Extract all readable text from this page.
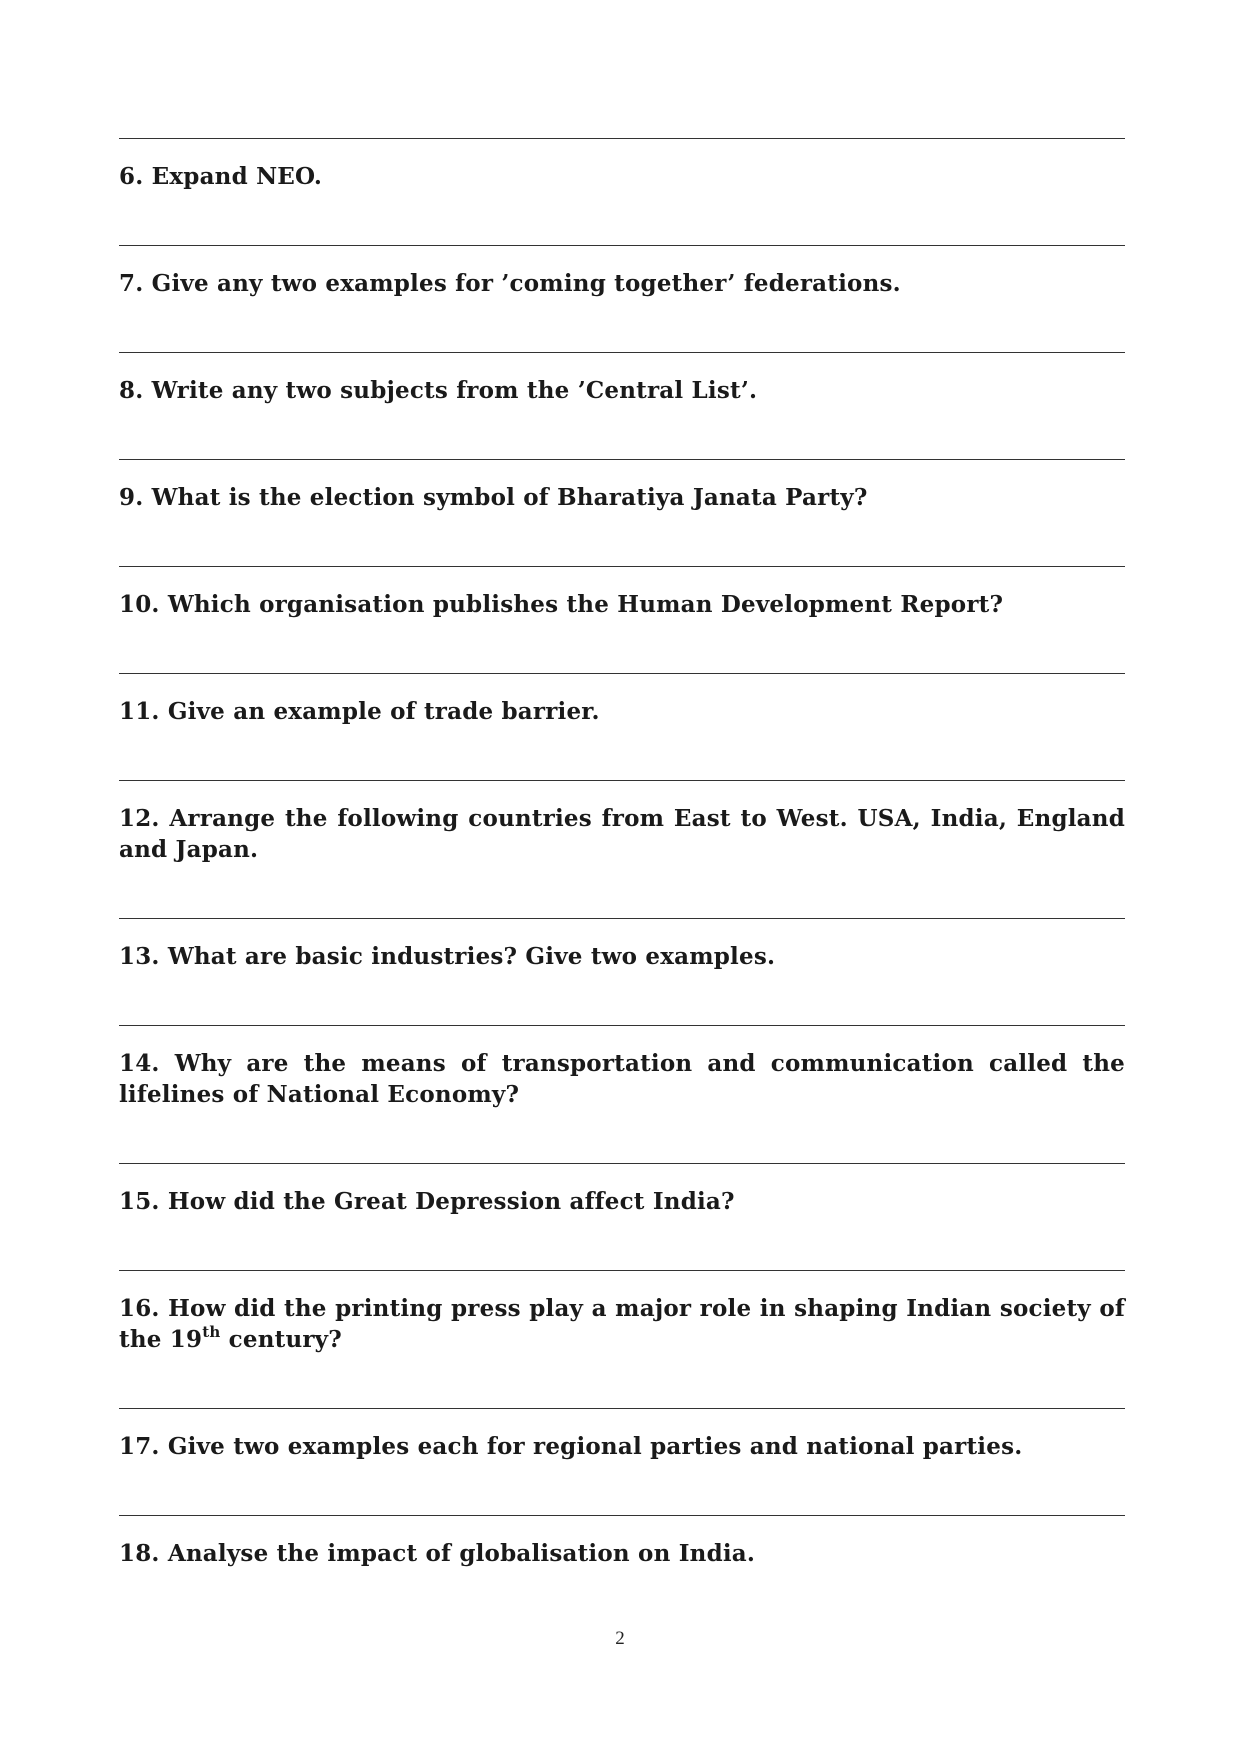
6. Expand NEO.

7. Give any two examples for ’coming together’ federations.

8. Write any two subjects from the ’Central List’.

9. What is the election symbol of Bharatiya Janata Party?

10. Which organisation publishes the Human Development Report?

11. Give an example of trade barrier.

12. Arrange the following countries from East to West. USA, India, England and Japan.

13. What are basic industries? Give two examples.

14. Why are the means of transportation and communication called the lifelines of National Economy?

15. How did the Great Depression affect India?

16. How did the printing press play a major role in shaping Indian society of the 19th century?

17. Give two examples each for regional parties and national parties.

18. Analyse the impact of globalisation on India.

2
